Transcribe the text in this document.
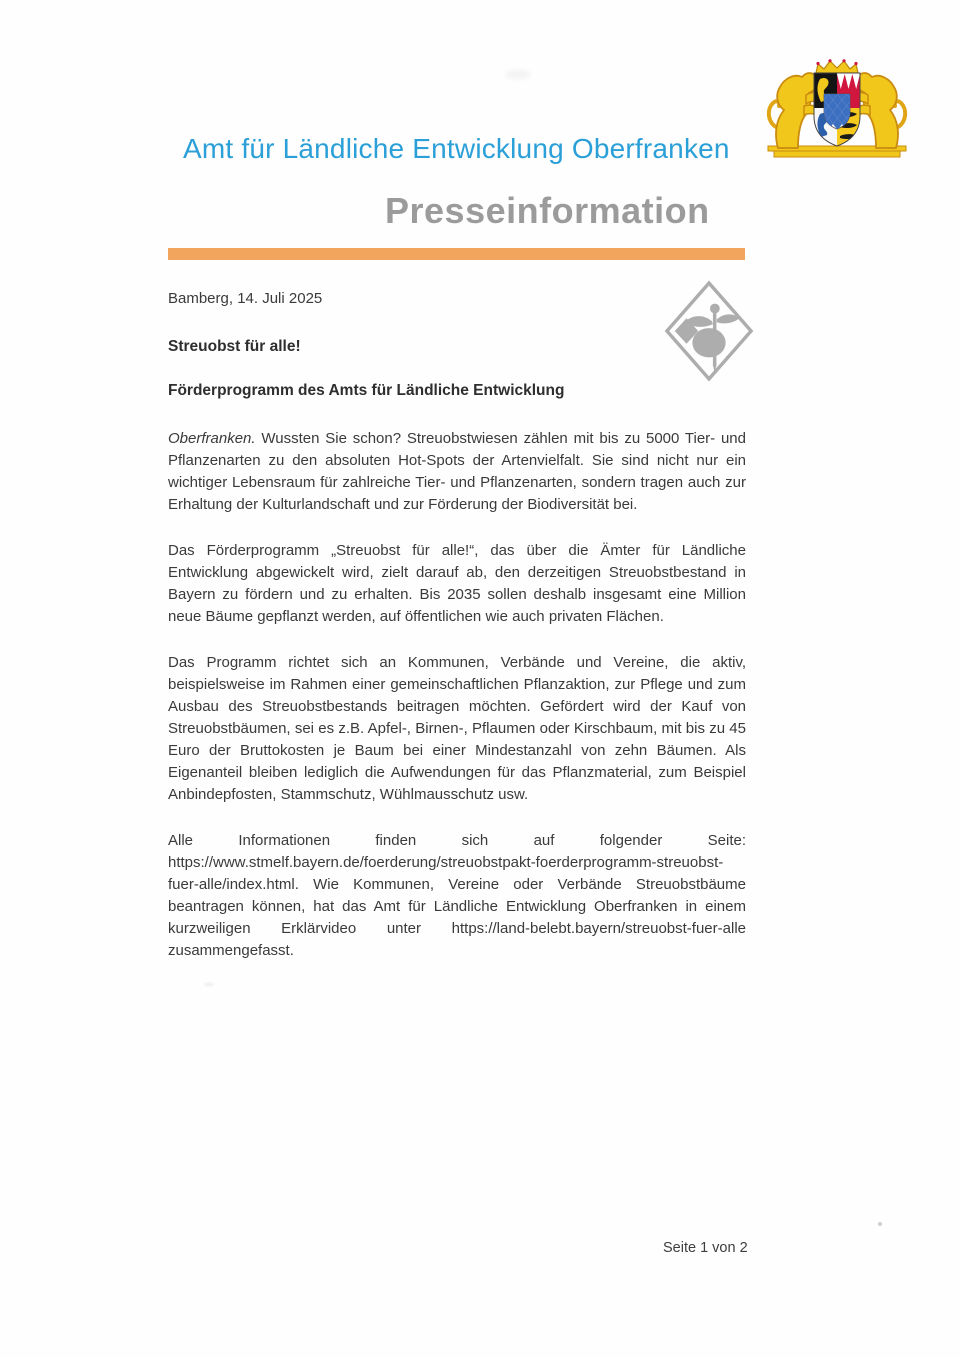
Amt für Ländliche Entwicklung Oberfranken
Presseinformation

Bamberg, 14. Juli 2025

Streuobst für alle!

Förderprogramm des Amts für Ländliche Entwicklung

Oberfranken. Wussten Sie schon? Streuobstwiesen zählen mit bis zu 5000 Tier- und Pflanzenarten zu den absoluten Hot-Spots der Artenvielfalt. Sie sind nicht nur ein wichtiger Lebensraum für zahlreiche Tier- und Pflanzenarten, sondern tragen auch zur Erhaltung der Kulturlandschaft und zur Förderung der Biodiversität bei.

Das Förderprogramm „Streuobst für alle!“, das über die Ämter für Ländliche Entwicklung abgewickelt wird, zielt darauf ab, den derzeitigen Streuobstbestand in Bayern zu fördern und zu erhalten. Bis 2035 sollen deshalb insgesamt eine Million neue Bäume gepflanzt werden, auf öffentlichen wie auch privaten Flächen.

Das Programm richtet sich an Kommunen, Verbände und Vereine, die aktiv, beispielsweise im Rahmen einer gemeinschaftlichen Pflanzaktion, zur Pflege und zum Ausbau des Streuobstbestands beitragen möchten. Gefördert wird der Kauf von Streuobstbäumen, sei es z.B. Apfel-, Birnen-, Pflaumen oder Kirschbaum, mit bis zu 45 Euro der Bruttokosten je Baum bei einer Mindestanzahl von zehn Bäumen. Als Eigenanteil bleiben lediglich die Aufwendungen für das Pflanzmaterial, zum Beispiel Anbindepfosten, Stammschutz, Wühlmausschutz usw.

Alle Informationen finden sich auf folgender Seite: https://www.stmelf.bayern.de/foerderung/streuobstpakt-foerderprogramm-streuobst-fuer-alle/index.html. Wie Kommunen, Vereine oder Verbände Streuobstbäume beantragen können, hat das Amt für Ländliche Entwicklung Oberfranken in einem kurzweiligen Erklärvideo unter https://land-belebt.bayern/streuobst-fuer-alle zusammengefasst.

Seite 1 von 2
